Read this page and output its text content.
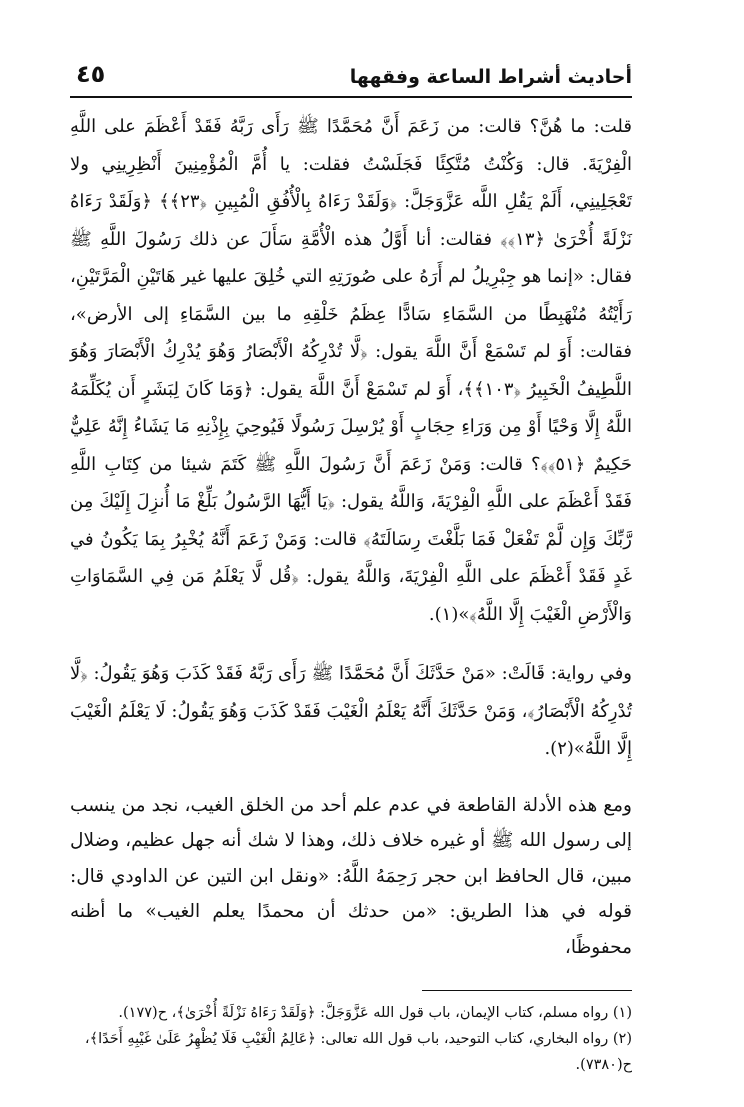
أحاديث أشراط الساعة وفقهها
٤٥

قلت: ما هُنَّ؟ قالت: من زَعَمَ أَنَّ مُحَمَّدًا ﷺ رَأَى رَبَّهُ فَقَدْ أَعْظَمَ على اللَّهِ الْفِرْيَةَ. قال: وَكُنْتُ مُتَّكِئًا فَجَلَسْتُ فقلت: يا أُمَّ الْمُؤْمِنِينَ أَنْظِرِينِي ولا تَعْجَلِينِي، أَلَمْ يَقُلِ اللَّه عَزَّوَجَلَّ: ﴿وَلَقَدْ رَءَاهُ بِالْأُفُقِ الْمُبِينِ ﴿٢٣﴾﴾ ﴿وَلَقَدْ رَءَاهُ نَزْلَةً أُخْرَىٰ ﴿١٣﴾﴾ فقالت: أنا أَوَّلُ هذه الْأُمَّةِ سَأَلَ عن ذلك رَسُولَ اللَّهِ ﷺ فقال: «إنما هو جِبْرِيلُ لم أَرَهُ على صُورَتِهِ التي خُلِقَ عليها غير هَاتَيْنِ الْمَرَّتَيْنِ، رَأَيْتُهُ مُنْهَبِطًا من السَّمَاءِ سَادًّا عِظَمُ خَلْقِهِ ما بين السَّمَاءِ إلى الأرض»، فقالت: أَوَ لم تَسْمَعْ أَنَّ اللَّهَ يقول: ﴿لَّا تُدْرِكُهُ الْأَبْصَارُ وَهُوَ يُدْرِكُ الْأَبْصَارَ وَهُوَ اللَّطِيفُ الْخَبِيرُ ﴿١٠٣﴾﴾، أَوَ لم تَسْمَعْ أَنَّ اللَّهَ يقول: ﴿وَمَا كَانَ لِبَشَرٍ أَن يُكَلِّمَهُ اللَّهُ إِلَّا وَحْيًا أَوْ مِن وَرَاءِ حِجَابٍ أَوْ يُرْسِلَ رَسُولًا فَيُوحِيَ بِإِذْنِهِ مَا يَشَاءُ إِنَّهُ عَلِيٌّ حَكِيمٌ ﴿٥١﴾﴾؟ قالت: وَمَنْ زَعَمَ أَنَّ رَسُولَ اللَّهِ ﷺ كَتَمَ شيئا من كِتَابِ اللَّهِ فَقَدْ أَعْظَمَ على اللَّهِ الْفِرْيَةَ، وَاللَّهُ يقول: ﴿يَا أَيُّهَا الرَّسُولُ بَلِّغْ مَا أُنزِلَ إِلَيْكَ مِن رَّبِّكَ وَإِن لَّمْ تَفْعَلْ فَمَا بَلَّغْتَ رِسَالَتَهُ﴾ قالت: وَمَنْ زَعَمَ أَنَّهُ يُخْبِرُ بِمَا يَكُونُ في غَدٍ فَقَدْ أَعْظَمَ على اللَّهِ الْفِرْيَةَ، وَاللَّهُ يقول: ﴿قُل لَّا يَعْلَمُ مَن فِي السَّمَاوَاتِ وَالْأَرْضِ الْغَيْبَ إِلَّا اللَّهُ﴾»(١).

وفي رواية: قَالَتْ: «مَنْ حَدَّثَكَ أَنَّ مُحَمَّدًا ﷺ رَأَى رَبَّهُ فَقَدْ كَذَبَ وَهُوَ يَقُولُ: ﴿لَّا تُدْرِكُهُ الْأَبْصَارُ﴾، وَمَنْ حَدَّثَكَ أَنَّهُ يَعْلَمُ الْغَيْبَ فَقَدْ كَذَبَ وَهُوَ يَقُولُ: لَا يَعْلَمُ الْغَيْبَ إِلَّا اللَّهُ»(٢).

ومع هذه الأدلة القاطعة في عدم علم أحد من الخلق الغيب، نجد من ينسب إلى رسول الله ﷺ أو غيره خلاف ذلك، وهذا لا شك أنه جهل عظيم، وضلال مبين، قال الحافظ ابن حجر رَحِمَهُ اللَّهُ: «ونقل ابن التين عن الداودي قال: قوله في هذا الطريق: «من حدثك أن محمدًا يعلم الغيب» ما أظنه محفوظًا،

(١) رواه مسلم، كتاب الإيمان، باب قول الله عَزَّوَجَلَّ: ﴿وَلَقَدْ رَءَاهُ نَزْلَةً أُخْرَىٰ﴾، ح(١٧٧).

(٢) رواه البخاري، كتاب التوحيد، باب قول الله تعالى: ﴿عَالِمُ الْغَيْبِ فَلَا يُظْهِرُ عَلَىٰ غَيْبِهِ أَحَدًا﴾، ح(٧٣٨٠).
